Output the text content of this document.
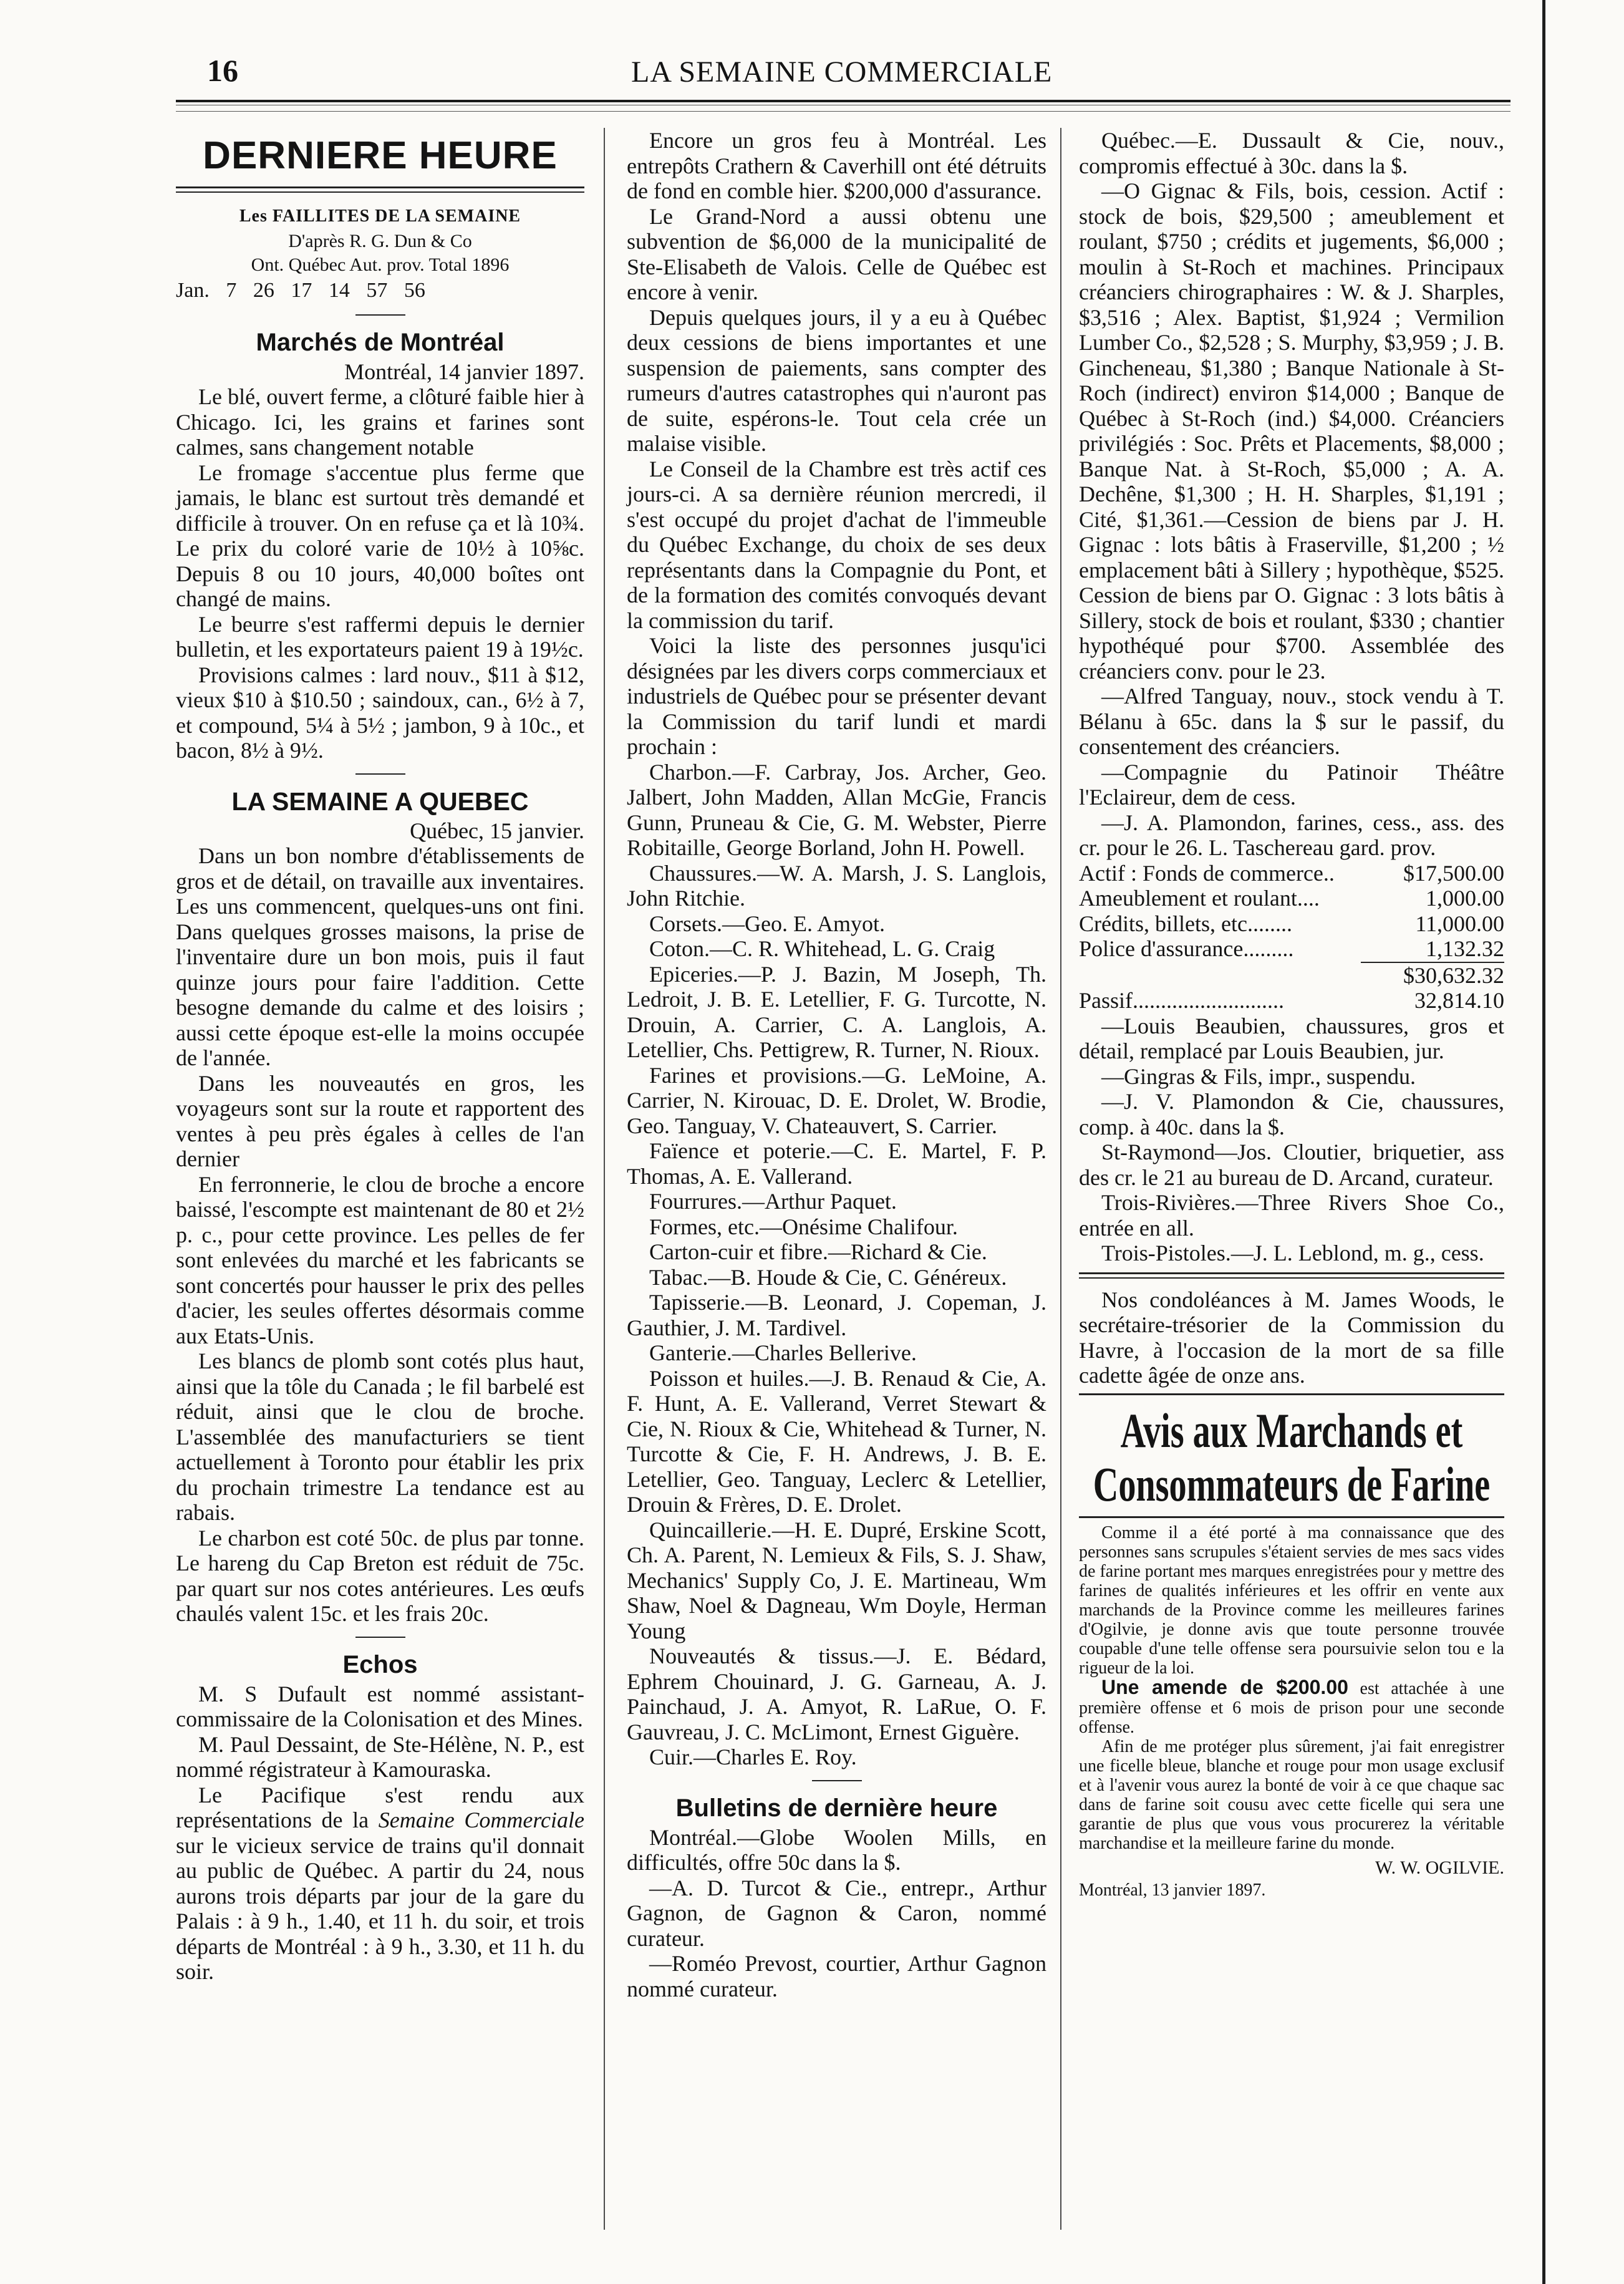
16	LA SEMAINE COMMERCIALE
DERNIERE HEURE
Les FAILLITES DE LA SEMAINE

D'après R. G. Dun & Co

Ont. Québec Aut. prov. Total 1896

Jan. 7 26 17 14 57 56

Marchés de Montréal

Montréal, 14 janvier 1897.

Le blé, ouvert ferme, a clôturé faible hier à Chicago. Ici, les grains et farines sont calmes, sans changement notable

Le fromage s'accentue plus ferme que jamais, le blanc est surtout très demandé et difficile à trouver. On en refuse ça et là 10¾. Le prix du coloré varie de 10½ à 10⅝c. Depuis 8 ou 10 jours, 40,000 boîtes ont changé de mains.

Le beurre s'est raffermi depuis le dernier bulletin, et les exportateurs paient 19 à 19½c.

Provisions calmes : lard nouv., $11 à $12, vieux $10 à $10.50 ; saindoux, can., 6½ à 7, et compound, 5¼ à 5½ ; jambon, 9 à 10c., et bacon, 8½ à 9½.

LA SEMAINE A QUEBEC

Québec, 15 janvier.

Dans un bon nombre d'établissements de gros et de détail, on travaille aux inventaires. Les uns commencent, quelques-uns ont fini. Dans quelques grosses maisons, la prise de l'inventaire dure un bon mois, puis il faut quinze jours pour faire l'addition. Cette besogne demande du calme et des loisirs ; aussi cette époque est-elle la moins occupée de l'année.

Dans les nouveautés en gros, les voyageurs sont sur la route et rapportent des ventes à peu près égales à celles de l'an dernier

En ferronnerie, le clou de broche a encore baissé, l'escompte est maintenant de 80 et 2½ p. c., pour cette province. Les pelles de fer sont enlevées du marché et les fabricants se sont concertés pour hausser le prix des pelles d'acier, les seules offertes désormais comme aux Etats-Unis.

Les blancs de plomb sont cotés plus haut, ainsi que la tôle du Canada ; le fil barbelé est réduit, ainsi que le clou de broche. L'assemblée des manufacturiers se tient actuellement à Toronto pour établir les prix du prochain trimestre La tendance est au rabais.

Le charbon est coté 50c. de plus par tonne. Le hareng du Cap Breton est réduit de 75c. par quart sur nos cotes antérieures. Les œufs chaulés valent 15c. et les frais 20c.

Echos

M. S Dufault est nommé assistant-commissaire de la Colonisation et des Mines.

M. Paul Dessaint, de Ste-Hélène, N. P., est nommé régistrateur à Kamouraska.

Le Pacifique s'est rendu aux représentations de la Semaine Commerciale sur le vicieux service de trains qu'il donnait au public de Québec. A partir du 24, nous aurons trois départs par jour de la gare du Palais : à 9 h., 1.40, et 11 h. du soir, et trois départs de Montréal : à 9 h., 3.30, et 11 h. du soir.

Encore un gros feu à Montréal. Les entrepôts Crathern & Caverhill ont été détruits de fond en comble hier. $200,000 d'assurance.

Le Grand-Nord a aussi obtenu une subvention de $6,000 de la municipalité de Ste-Elisabeth de Valois. Celle de Québec est encore à venir.

Depuis quelques jours, il y a eu à Québec deux cessions de biens importantes et une suspension de paiements, sans compter des rumeurs d'autres catastrophes qui n'auront pas de suite, espérons-le. Tout cela crée un malaise visible.

Le Conseil de la Chambre est très actif ces jours-ci. A sa dernière réunion mercredi, il s'est occupé du projet d'achat de l'immeuble du Québec Exchange, du choix de ses deux représentants dans la Compagnie du Pont, et de la formation des comités convoqués devant la commission du tarif.

Voici la liste des personnes jusqu'ici désignées par les divers corps commerciaux et industriels de Québec pour se présenter devant la Commission du tarif lundi et mardi prochain :

Charbon.—F. Carbray, Jos. Archer, Geo. Jalbert, John Madden, Allan McGie, Francis Gunn, Pruneau & Cie, G. M. Webster, Pierre Robitaille, George Borland, John H. Powell.

Chaussures.—W. A. Marsh, J. S. Langlois, John Ritchie.

Corsets.—Geo. E. Amyot.

Coton.—C. R. Whitehead, L. G. Craig

Epiceries.—P. J. Bazin, M Joseph, Th. Ledroit, J. B. E. Letellier, F. G. Turcotte, N. Drouin, A. Carrier, C. A. Langlois, A. Letellier, Chs. Pettigrew, R. Turner, N. Rioux.

Farines et provisions.—G. LeMoine, A. Carrier, N. Kirouac, D. E. Drolet, W. Brodie, Geo. Tanguay, V. Chateauvert, S. Carrier.

Faïence et poterie.—C. E. Martel, F. P. Thomas, A. E. Vallerand.

Fourrures.—Arthur Paquet.

Formes, etc.—Onésime Chalifour.

Carton-cuir et fibre.—Richard & Cie.

Tabac.—B. Houde & Cie, C. Généreux.

Tapisserie.—B. Leonard, J. Copeman, J. Gauthier, J. M. Tardivel.

Ganterie.—Charles Bellerive.

Poisson et huiles.—J. B. Renaud & Cie, A. F. Hunt, A. E. Vallerand, Verret Stewart & Cie, N. Rioux & Cie, Whitehead & Turner, N. Turcotte & Cie, F. H. Andrews, J. B. E. Letellier, Geo. Tanguay, Leclerc & Letellier, Drouin & Frères, D. E. Drolet.

Quincaillerie.—H. E. Dupré, Erskine Scott, Ch. A. Parent, N. Lemieux & Fils, S. J. Shaw, Mechanics' Supply Co, J. E. Martineau, Wm Shaw, Noel & Dagneau, Wm Doyle, Herman Young

Nouveautés & tissus.—J. E. Bédard, Ephrem Chouinard, J. G. Garneau, A. J. Painchaud, J. A. Amyot, R. LaRue, O. F. Gauvreau, J. C. McLimont, Ernest Giguère.

Cuir.—Charles E. Roy.

Bulletins de dernière heure

Montréal.—Globe Woolen Mills, en difficultés, offre 50c dans la $.

—A. D. Turcot & Cie., entrepr., Arthur Gagnon, de Gagnon & Caron, nommé curateur.

—Roméo Prevost, courtier, Arthur Gagnon nommé curateur.

Québec.—E. Dussault & Cie, nouv., compromis effectué à 30c. dans la $.

—O Gignac & Fils, bois, cession. Actif : stock de bois, $29,500 ; ameublement et roulant, $750 ; crédits et jugements, $6,000 ; moulin à St-Roch et machines. Principaux créanciers chirographaires : W. & J. Sharples, $3,516 ; Alex. Baptist, $1,924 ; Vermilion Lumber Co., $2,528 ; S. Murphy, $3,959 ; J. B. Gincheneau, $1,380 ; Banque Nationale à St-Roch (indirect) environ $14,000 ; Banque de Québec à St-Roch (ind.) $4,000. Créanciers privilégiés : Soc. Prêts et Placements, $8,000 ; Banque Nat. à St-Roch, $5,000 ; A. A. Dechêne, $1,300 ; H. H. Sharples, $1,191 ; Cité, $1,361.—Cession de biens par J. H. Gignac : lots bâtis à Fraserville, $1,200 ; ½ emplacement bâti à Sillery ; hypothèque, $525. Cession de biens par O. Gignac : 3 lots bâtis à Sillery, stock de bois et roulant, $330 ; chantier hypothéqué pour $700. Assemblée des créanciers conv. pour le 23.

—Alfred Tanguay, nouv., stock vendu à T. Bélanu à 65c. dans la $ sur le passif, du consentement des créanciers.

—Compagnie du Patinoir Théâtre l'Eclaireur, dem de cess.

—J. A. Plamondon, farines, cess., ass. des cr. pour le 26. L. Taschereau gard. prov.

Actif : Fonds de commerce..	$17,500.00
Ameublement et roulant....	1,000.00
Crédits, billets, etc........	11,000.00
Police d'assurance.........	1,132.32

$30,632.32

Passif...........................	32,814.10

—Louis Beaubien, chaussures, gros et détail, remplacé par Louis Beaubien, jur.

—Gingras & Fils, impr., suspendu.

—J. V. Plamondon & Cie, chaussures, comp. à 40c. dans la $.

St-Raymond—Jos. Cloutier, briquetier, ass des cr. le 21 au bureau de D. Arcand, curateur.

Trois-Rivières.—Three Rivers Shoe Co., entrée en all.

Trois-Pistoles.—J. L. Leblond, m. g., cess.

Nos condoléances à M. James Woods, le secrétaire-trésorier de la Commission du Havre, à l'occasion de la mort de sa fille cadette âgée de onze ans.

Avis aux Marchands et Consommateurs de Farine

Comme il a été porté à ma connaissance que des personnes sans scrupules s'étaient servies de mes sacs vides de farine portant mes marques enregistrées pour y mettre des farines de qualités inférieures et les offrir en vente aux marchands de la Province comme les meilleures farines d'Ogilvie, je donne avis que toute personne trouvée coupable d'une telle offense sera poursuivie selon tou e la rigueur de la loi.

Une amende de $200.00 est attachée à une première offense et 6 mois de prison pour une seconde offense.

Afin de me protéger plus sûrement, j'ai fait enregistrer une ficelle bleue, blanche et rouge pour mon usage exclusif et à l'avenir vous aurez la bonté de voir à ce que chaque sac dans de farine soit cousu avec cette ficelle qui sera une garantie de plus que vous vous procurerez la véritable marchandise et la meilleure farine du monde.

W. W. OGILVIE.

Montréal, 13 janvier 1897.
